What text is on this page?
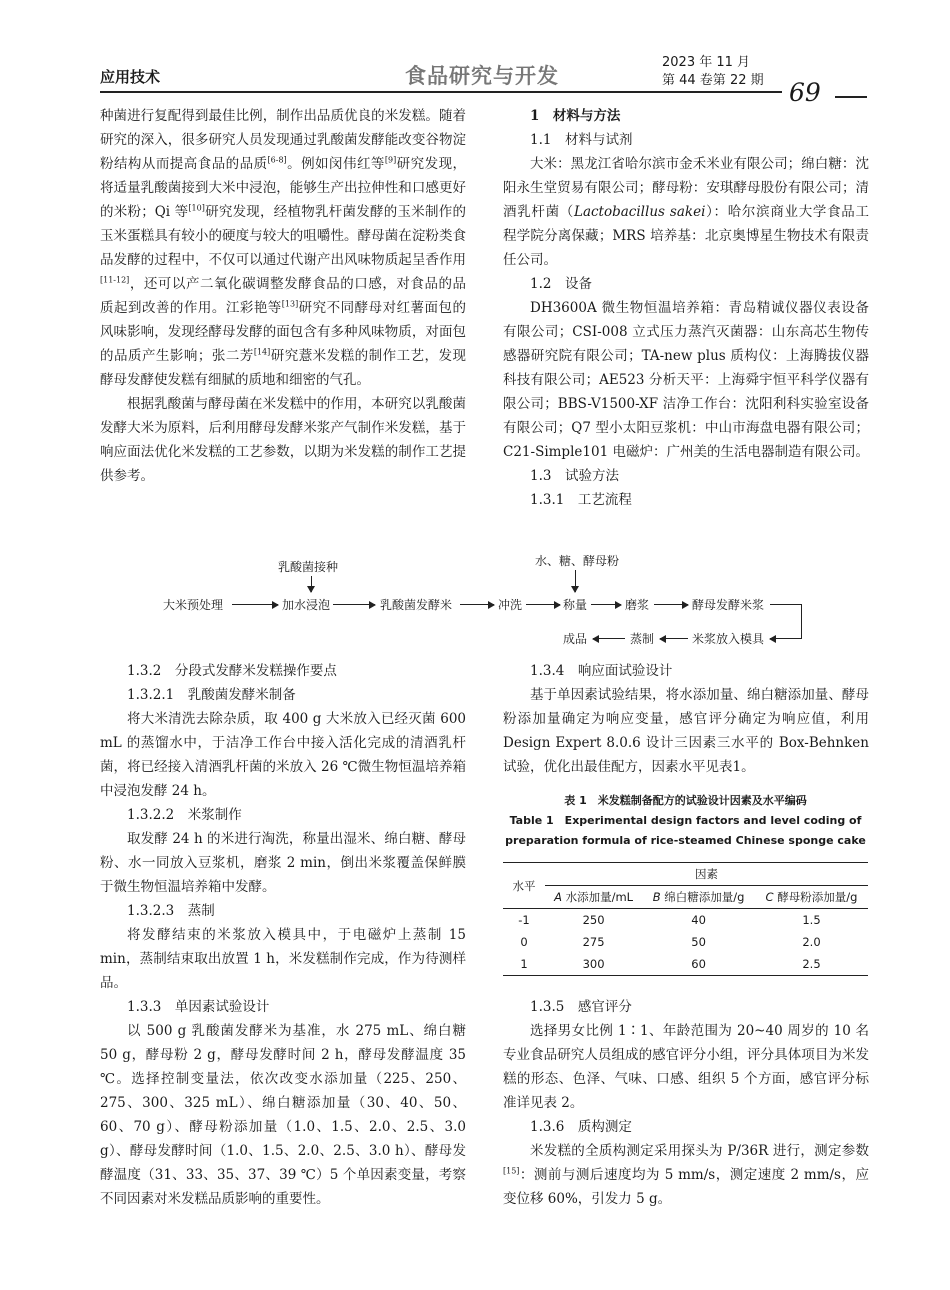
应用技术	食品研究与开发
2023 年 11 月
第 44 卷第 22 期 69

种菌进行复配得到最佳比例，制作出品质优良的米发糕。随着研究的深入，很多研究人员发现通过乳酸菌发酵能改变谷物淀粉结构从而提高食品的品质[6-8]。例如闵伟红等[9]研究发现，将适量乳酸菌接到大米中浸泡，能够生产出拉伸性和口感更好的米粉；Qi 等[10]研究发现，经植物乳杆菌发酵的玉米制作的玉米蛋糕具有较小的硬度与较大的咀嚼性。酵母菌在淀粉类食品发酵的过程中，不仅可以通过代谢产出风味物质起呈香作用[11-12]，还可以产二氧化碳调整发酵食品的口感，对食品的品质起到改善的作用。江彩艳等[13]研究不同酵母对红薯面包的风味影响，发现经酵母发酵的面包含有多种风味物质，对面包的品质产生影响；张二芳[14]研究薏米发糕的制作工艺，发现酵母发酵使发糕有细腻的质地和细密的气孔。

根据乳酸菌与酵母菌在米发糕中的作用，本研究以乳酸菌发酵大米为原料，后利用酵母发酵米浆产气制作米发糕，基于响应面法优化米发糕的工艺参数，以期为米发糕的制作工艺提供参考。

1　材料与方法

1.1　材料与试剂

大米：黑龙江省哈尔滨市金禾米业有限公司；绵白糖：沈阳永生堂贸易有限公司；酵母粉：安琪酵母股份有限公司；清酒乳杆菌（Lactobacillus sakei）：哈尔滨商业大学食品工程学院分离保藏；MRS 培养基：北京奥博星生物技术有限责任公司。

1.2　设备

DH3600A 微生物恒温培养箱：青岛精诚仪器仪表设备有限公司；CSI-008 立式压力蒸汽灭菌器：山东高芯生物传感器研究院有限公司；TA-new plus 质构仪：上海腾拔仪器科技有限公司；AE523 分析天平：上海舜宇恒平科学仪器有限公司；BBS-V1500-XF 洁净工作台：沈阳利科实验室设备有限公司；Q7 型小太阳豆浆机：中山市海盘电器有限公司；C21-Simple101 电磁炉：广州美的生活电器制造有限公司。

1.3　试验方法

1.3.1　工艺流程

乳酸菌接种	水、糖、酵母粉
大米预处理	加水浸泡	乳酸菌发酵米	冲洗	称量	磨浆	酵母发酵米浆
米浆放入模具
蒸制
成品

1.3.2　分段式发酵米发糕操作要点

1.3.2.1　乳酸菌发酵米制备

将大米清洗去除杂质，取 400 g 大米放入已经灭菌 600 mL 的蒸馏水中，于洁净工作台中接入活化完成的清酒乳杆菌，将已经接入清酒乳杆菌的米放入 26 ℃微生物恒温培养箱中浸泡发酵 24 h。

1.3.2.2　米浆制作

取发酵 24 h 的米进行淘洗，称量出湿米、绵白糖、酵母粉、水一同放入豆浆机，磨浆 2 min，倒出米浆覆盖保鲜膜于微生物恒温培养箱中发酵。

1.3.2.3　蒸制

将发酵结束的米浆放入模具中，于电磁炉上蒸制 15 min，蒸制结束取出放置 1 h，米发糕制作完成，作为待测样品。

1.3.3　单因素试验设计

以 500 g 乳酸菌发酵米为基准，水 275 mL、绵白糖 50 g，酵母粉 2 g，酵母发酵时间 2 h，酵母发酵温度 35 ℃。选择控制变量法，依次改变水添加量（225、250、275、300、325 mL）、绵白糖添加量（30、40、50、60、70 g）、酵母粉添加量（1.0、1.5、2.0、2.5、3.0 g）、酵母发酵时间（1.0、1.5、2.0、2.5、3.0 h）、酵母发酵温度（31、33、35、37、39 ℃）5 个单因素变量，考察不同因素对米发糕品质影响的重要性。

1.3.4　响应面试验设计

基于单因素试验结果，将水添加量、绵白糖添加量、酵母粉添加量确定为响应变量，感官评分确定为响应值，利用 Design Expert 8.0.6 设计三因素三水平的 Box-Behnken 试验，优化出最佳配方，因素水平见表1。

表 1　米发糕制备配方的试验设计因素及水平编码
Table 1　Experimental design factors and level coding of
preparation formula of rice-steamed Chinese sponge cake
水平	因素		
	A 水添加量/mL	B 绵白糖添加量/g	C 酵母粉添加量/g
-1	250	40	1.5
0	275	50	2.0
1	300	60	2.5

1.3.5　感官评分

选择男女比例 1∶1、年龄范围为 20~40 周岁的 10 名专业食品研究人员组成的感官评分小组，评分具体项目为米发糕的形态、色泽、气味、口感、组织 5 个方面，感官评分标准详见表 2。

1.3.6　质构测定

米发糕的全质构测定采用探头为 P/36R 进行，测定参数[15]：测前与测后速度均为 5 mm/s，测定速度 2 mm/s，应变位移 60%，引发力 5 g。
